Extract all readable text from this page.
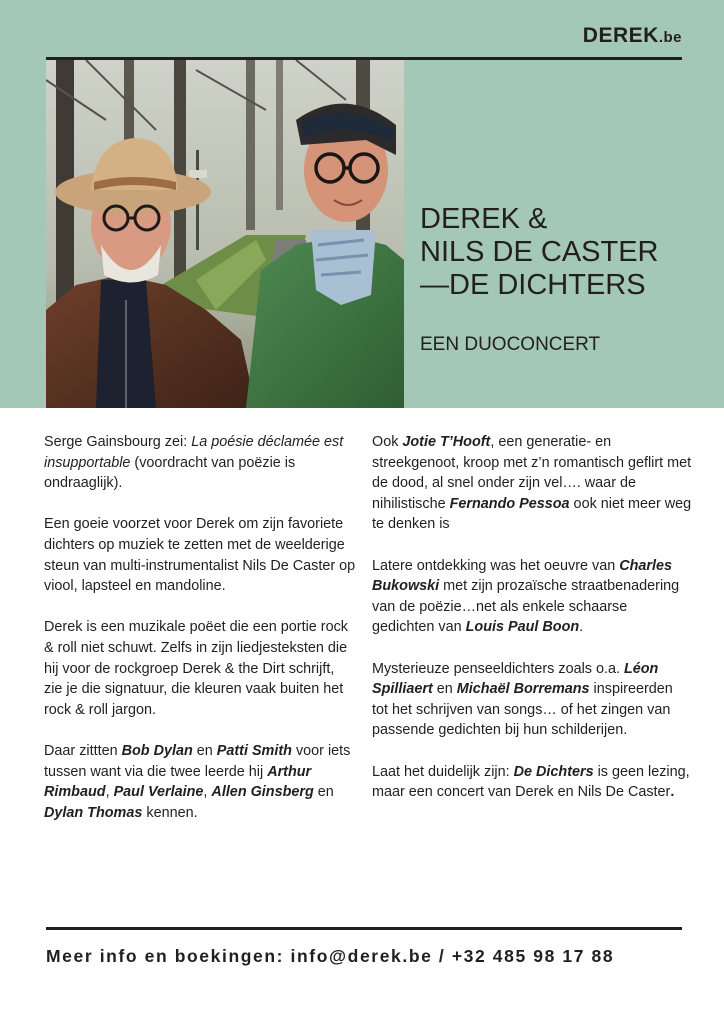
DEREK.be
DEREK &
NILS DE CASTER
—DE DICHTERS
EEN DUOCONCERT

Serge Gainsbourg zei: La poésie déclamée est insupportable (voordracht van poëzie is ondraaglijk).

Een goeie voorzet voor Derek om zijn favoriete dichters op muziek te zetten met de weelderige steun van multi-instrumentalist Nils De Caster op viool, lapsteel en mandoline.

Derek is een muzikale poëet die een portie rock & roll niet schuwt. Zelfs in zijn liedjesteksten die hij voor de rockgroep Derek & the Dirt schrijft, zie je die signatuur, die kleuren vaak buiten het rock & roll jargon.

Daar zittten Bob Dylan en Patti Smith voor iets tussen want via die twee leerde hij Arthur Rimbaud, Paul Verlaine, Allen Ginsberg en Dylan Thomas kennen.

Ook Jotie T’Hooft, een generatie- en streekgenoot, kroop met z’n romantisch geflirt met de dood, al snel onder zijn vel…. waar de nihilistische Fernando Pessoa ook niet meer weg te denken is

Latere ontdekking was het oeuvre van Charles Bukowski met zijn prozaïsche straatbenadering van de poëzie…net als enkele schaarse gedichten van Louis Paul Boon.

Mysterieuze penseeldichters zoals o.a. Léon Spilliaert en Michaël Borremans inspireerden tot het schrijven van songs… of het zingen van passende gedichten bij hun schilderijen.

Laat het duidelijk zijn: De Dichters is geen lezing, maar een concert van Derek en Nils De Caster.

Meer info en boekingen: info@derek.be / +32 485 98 17 88
